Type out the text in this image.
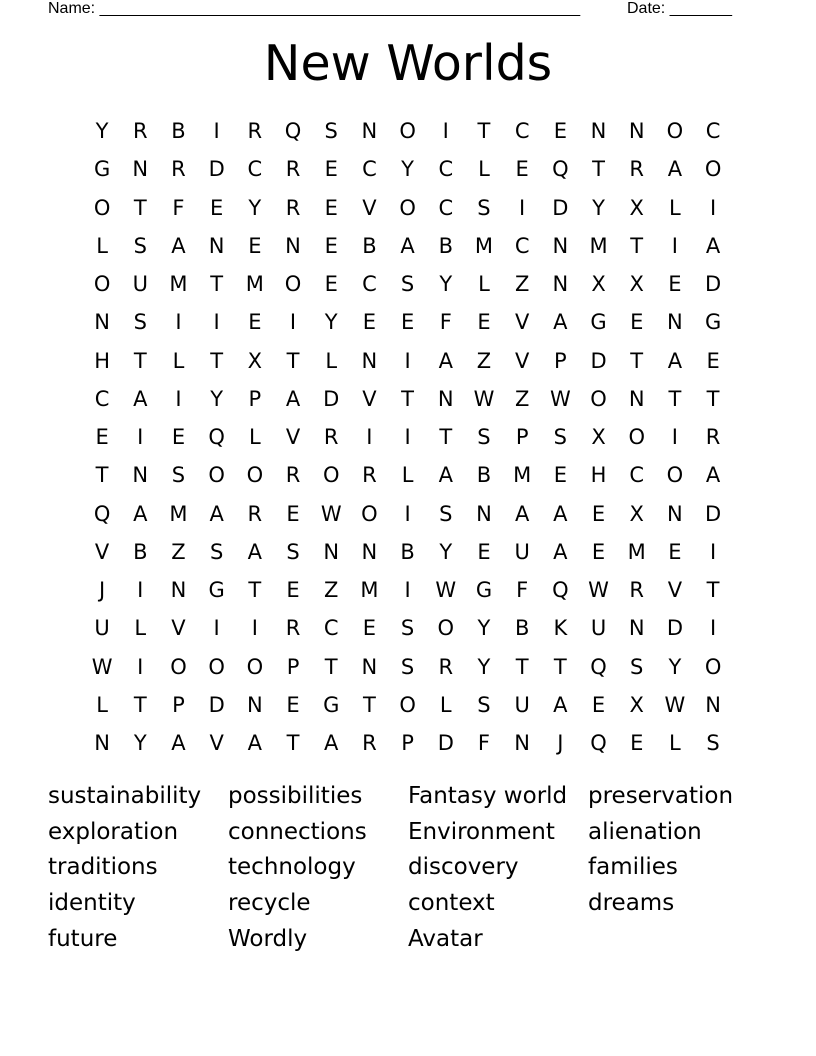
Name: ______________________________________________________	Date: _______
New Worlds
Y	R	B	I	R	Q	S	N	O	I	T	C	E	N	N	O	C
G	N	R	D	C	R	E	C	Y	C	L	E	Q	T	R	A	O
O	T	F	E	Y	R	E	V	O	C	S	I	D	Y	X	L	I
L	S	A	N	E	N	E	B	A	B	M	C	N	M	T	I	A
O	U	M	T	M O	E	C	S	Y	L	Z	N	X	X	E	D
N	S	I	I	E	I	Y	E	E	F	E	V	A	G	E	N	G
H	T	L	T	X	T	L	N	I	A	Z	V	P	D	T	A	E
C	A	I	Y	P	A	D	V	T	N W Z W O	N	T	T
E	I	E	Q	L	V	R	I	I	T	S	P	S	X	O	I	R
T	N	S	O	O	R	O	R	L	A	B	M	E	H	C	O	A
Q	A	M	A	R	E	W O	I	S	N	A	A	E	X	N	D
V	B	Z	S	A	S	N	N	B	Y	E	U	A	E	M	E	I
J	I	N	G	T	E	Z	M	I	W G	F	Q W R	V	T
U	L	V	I	I	R	C	E	S	O	Y	B	K	U	N	D	I
W	I	O	O	O	P	T	N	S	R	Y	T	T	Q	S	Y	O
L	T	P	D	N	E	G	T	O	L	S	U	A	E	X W N
N	Y	A	V	A	T	A	R	P	D	F	N	J	Q	E	L	S
sustainability
exploration
traditions
identity
future
possibilities
connections
technology
recycle
Wordly
Fantasy world
Environment
discovery
context
Avatar
preservation
alienation
families
dreams
